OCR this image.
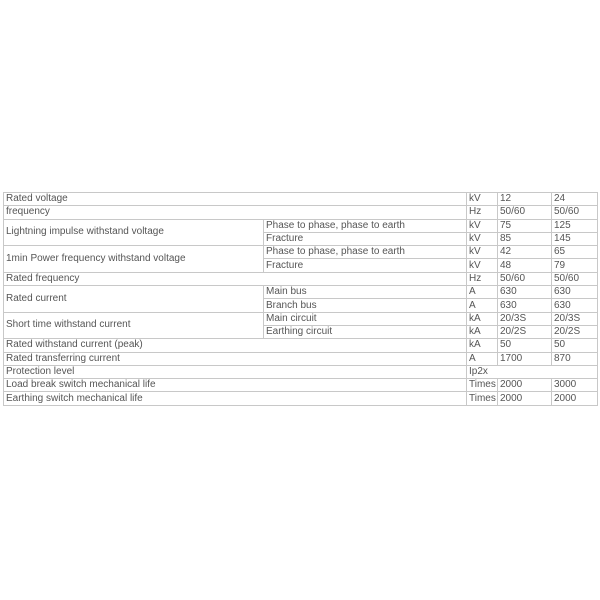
Rated voltage		kV	12	24
frequency		Hz	50/60	50/60
Lightning impulse withstand voltage	Phase to phase, phase to earth	kV	75	125
	Fracture	kV	85	145
1min Power frequency withstand voltage	Phase to phase, phase to earth	kV	42	65
	Fracture	kV	48	79
Rated frequency		Hz	50/60	50/60
Rated current	Main bus	A	630	630
	Branch bus	A	630	630
Short time withstand current	Main circuit	kA	20/3S	20/3S
	Earthing circuit	kA	20/2S	20/2S
Rated withstand current (peak)		kA	50	50
Rated transferring current		A	1700	870
Protection level		Ip2x		
Load break switch mechanical life		Times	2000	3000
Earthing switch mechanical life		Times	2000	2000
